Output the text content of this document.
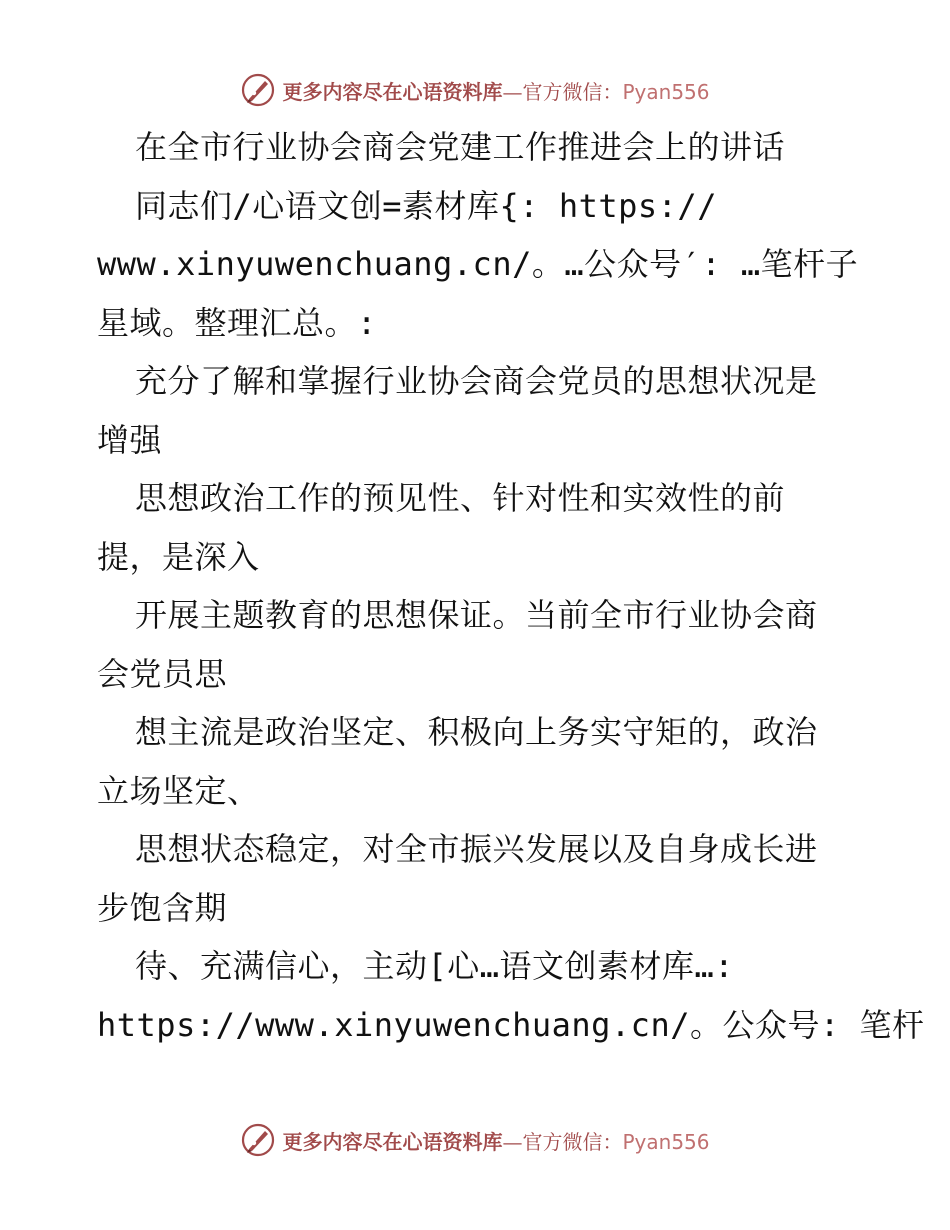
更多内容尽在心语资料库—官方微信：Pyan556
在全市行业协会商会党建工作推进会上的讲话
同志们/心语文创=素材库{: https://
www.xinyuwenchuang.cn/。…公众号′: …笔杆子
星域。整理汇总。:
充分了解和掌握行业协会商会党员的思想状况是
增强
思想政治工作的预见性、针对性和实效性的前
提，是深入
开展主题教育的思想保证。当前全市行业协会商
会党员思
想主流是政治坚定、积极向上务实守矩的，政治
立场坚定、
思想状态稳定，对全市振兴发展以及自身成长进
步饱含期
待、充满信心，主动[心…语文创素材库…:
https://www.xinyuwenchuang.cn/。公众号: 笔杆
更多内容尽在心语资料库—官方微信：Pyan556
